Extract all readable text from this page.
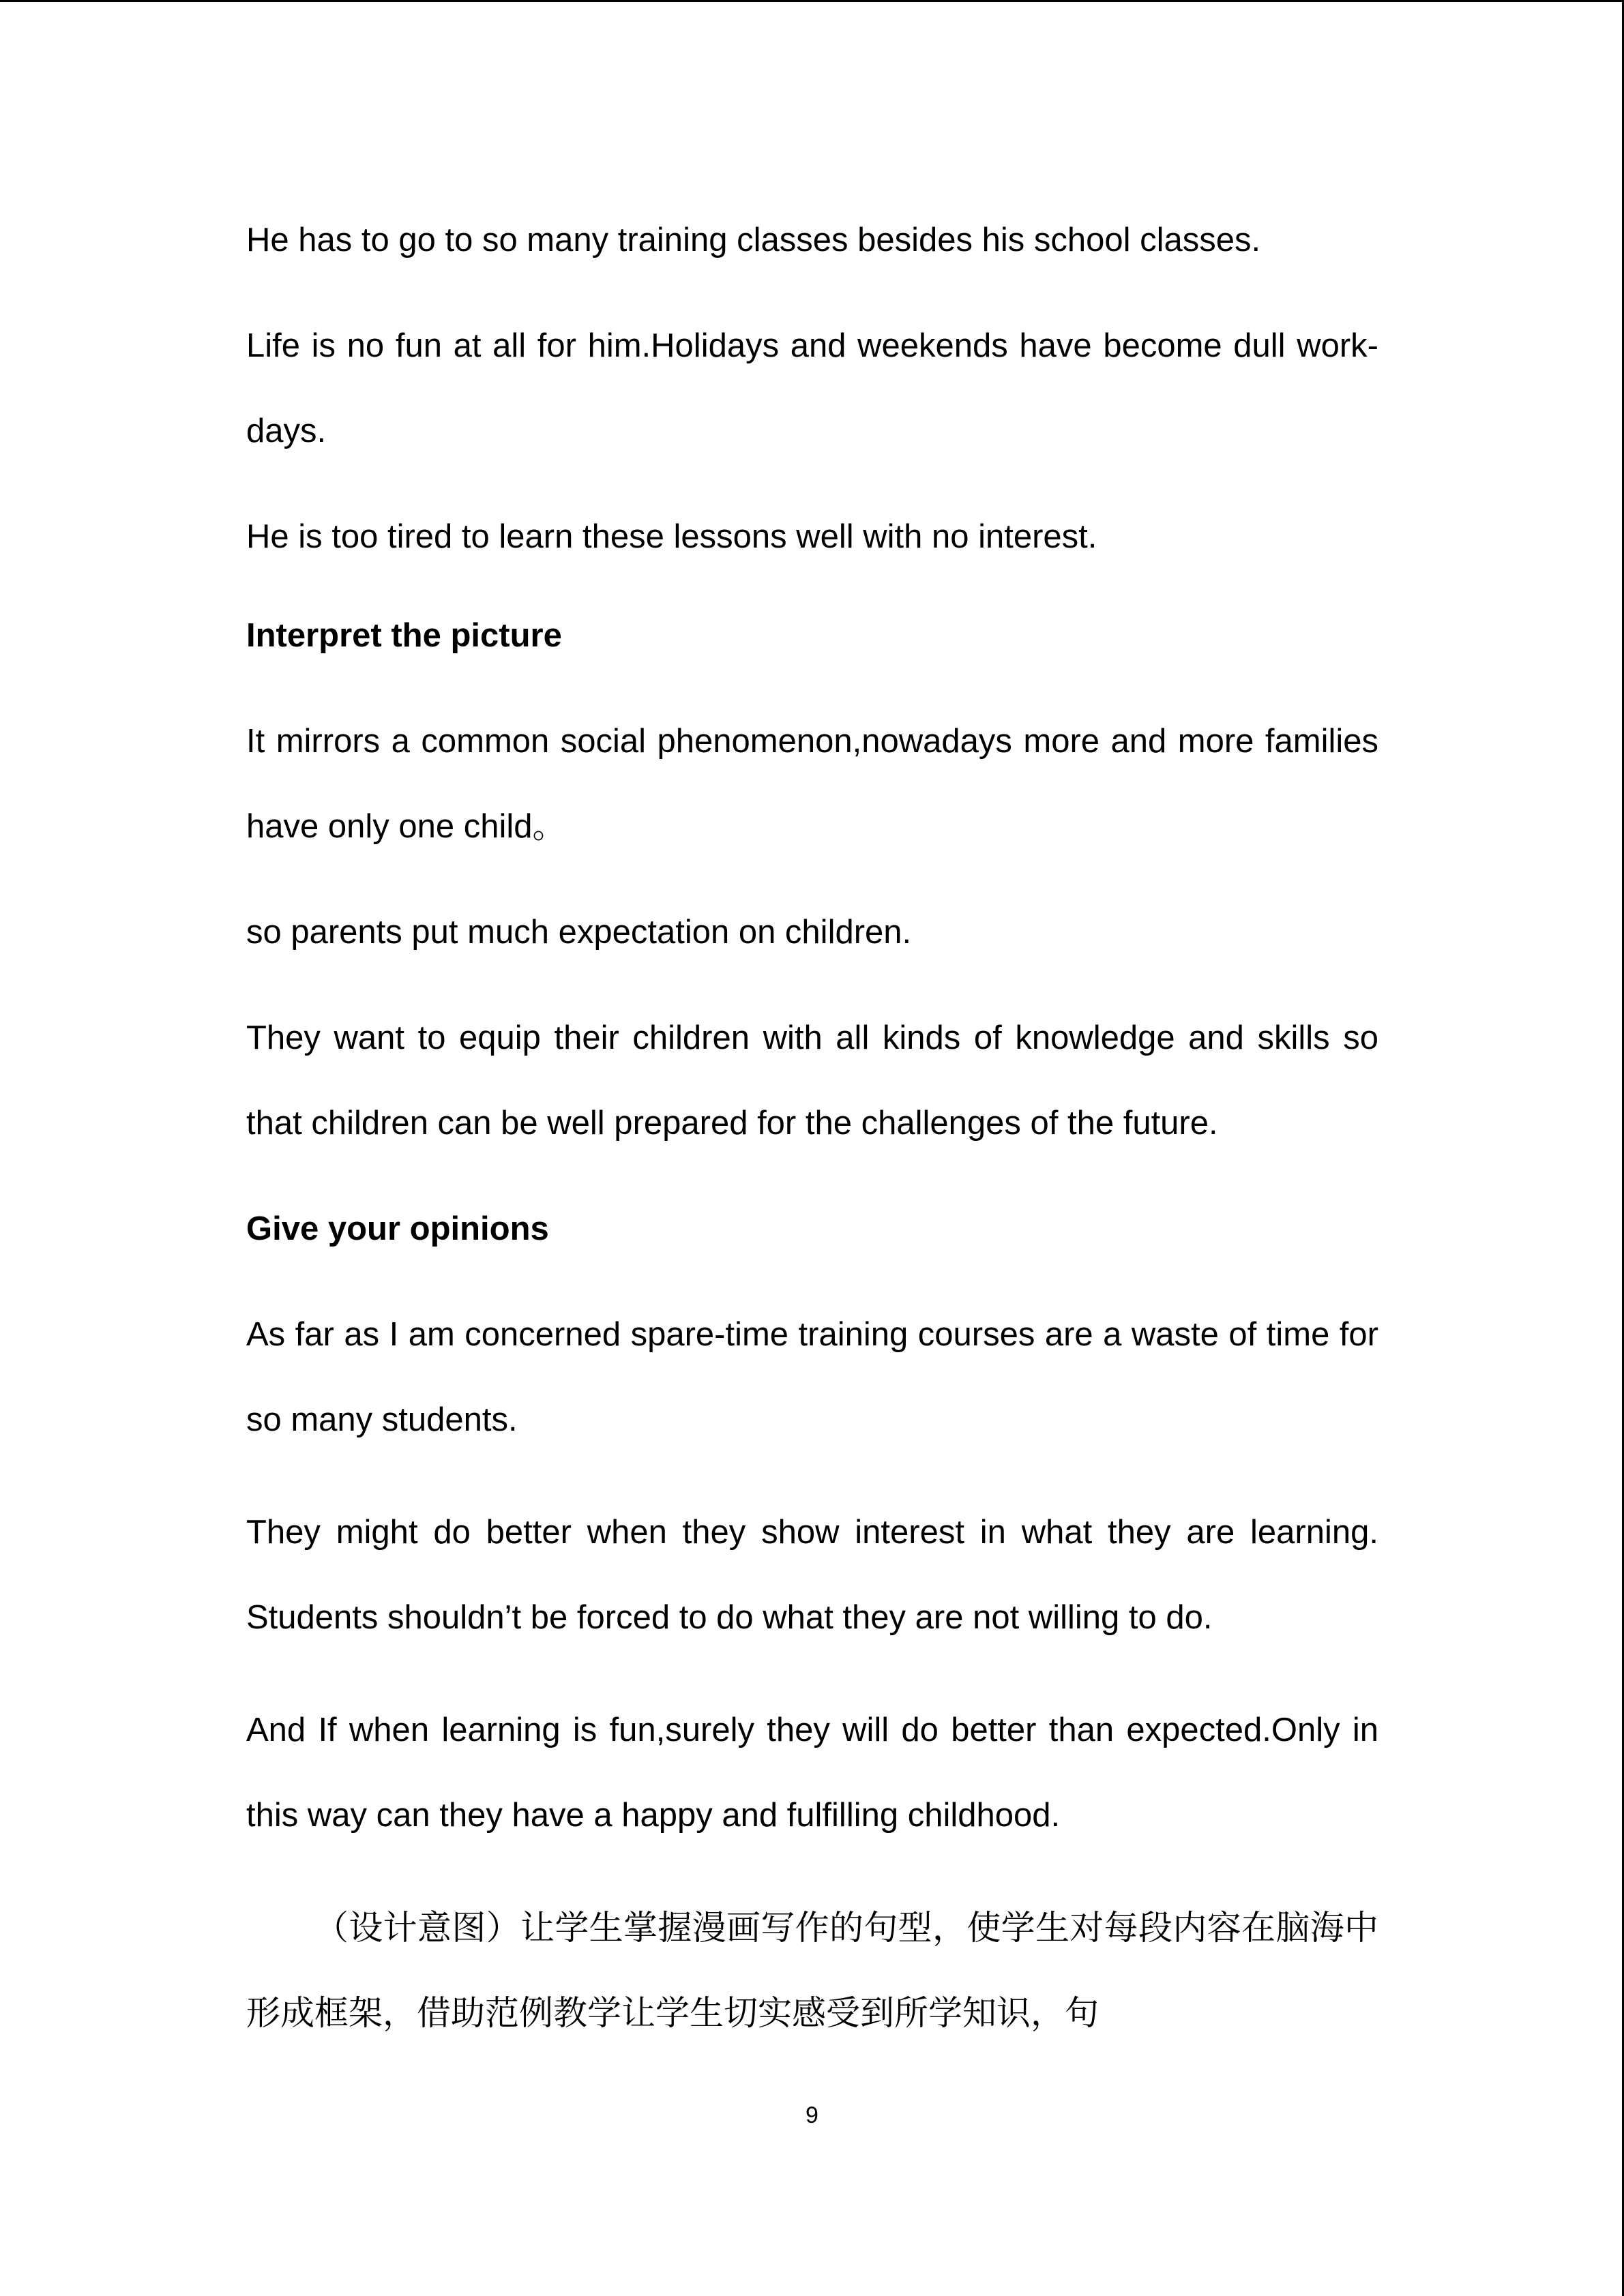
He has to go to so many training classes besides his school classes.

Life is no fun at all for him.Holidays and weekends have become dull work-days.

He is too tired to learn these lessons well with no interest.

Interpret the picture

It mirrors a common social phenomenon,nowadays more and more families have only one child。

so parents put much expectation on children.

They want to equip their children with all kinds of knowledge and skills so that children can be well prepared for the challenges of the future.

Give your opinions

As far as I am concerned spare-time training courses are a waste of time for so many students.

They might do better when they show interest in what they are learning. Students shouldn’t be forced to do what they are not willing to do.

And If when learning is fun,surely they will do better than expected.Only in this way can they have a happy and fulfilling childhood.

（设计意图）让学生掌握漫画写作的句型，使学生对每段内容在脑海中形成框架，借助范例教学让学生切实感受到所学知识，句

9
